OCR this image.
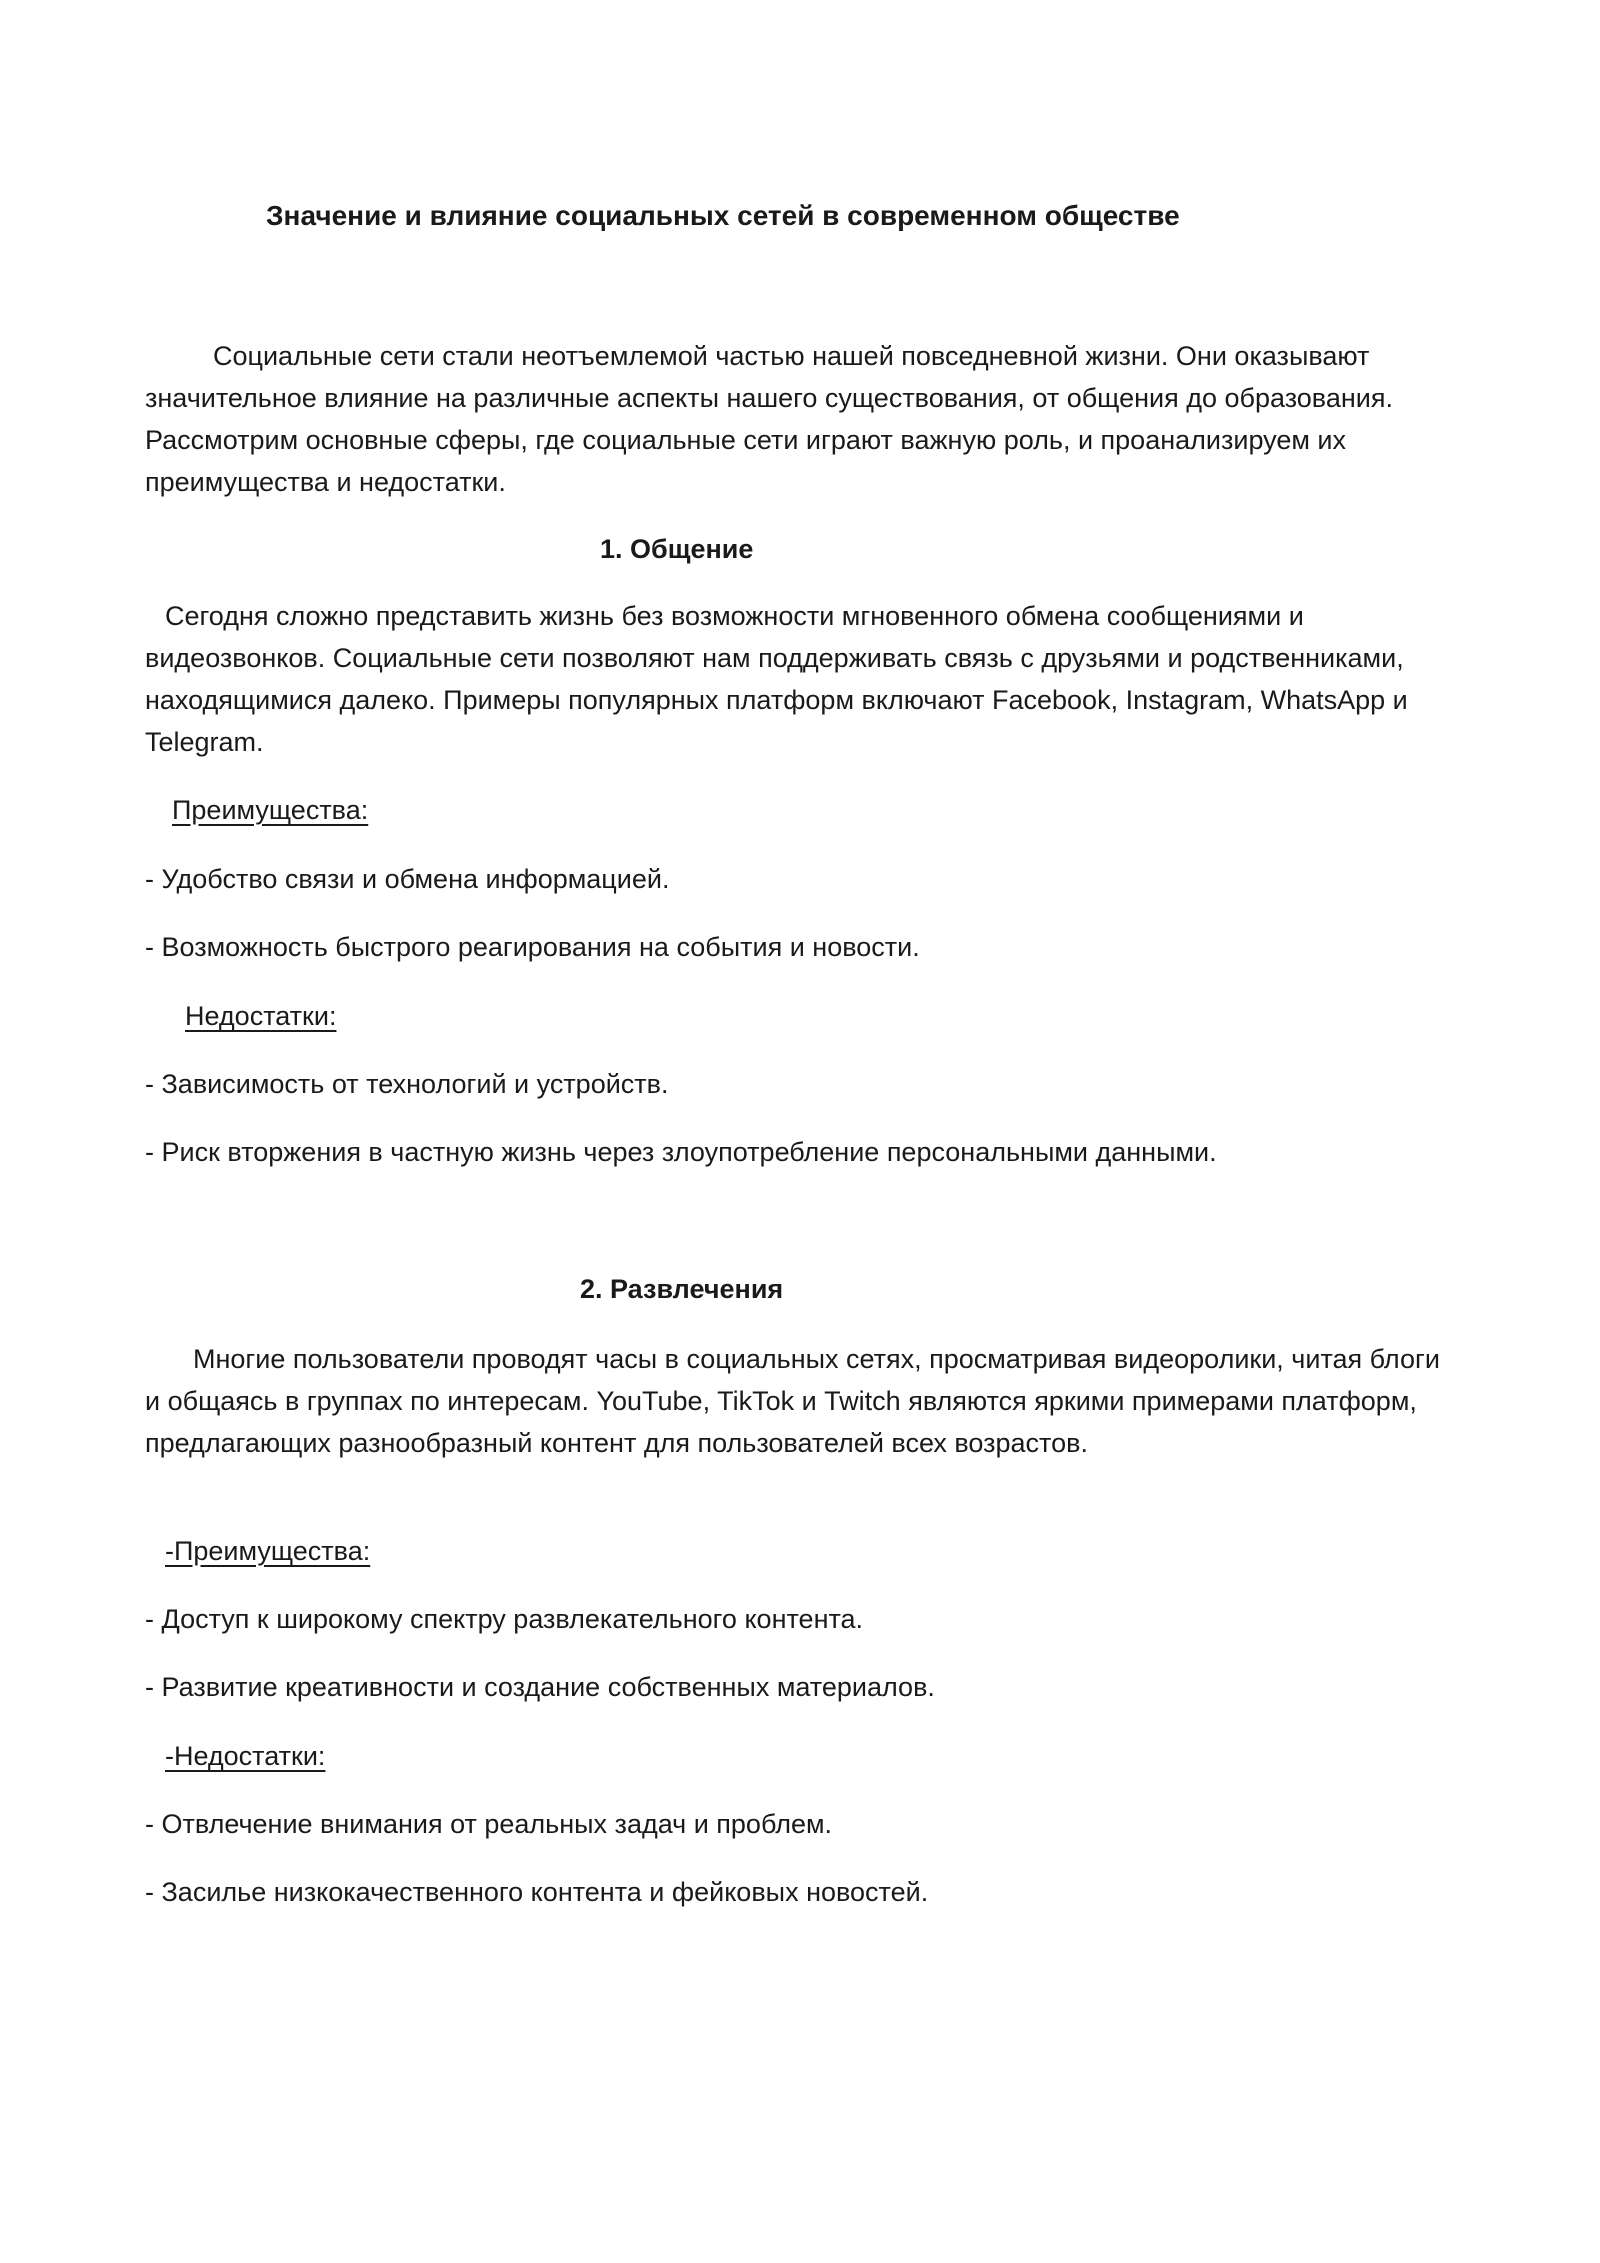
Значение и влияние социальных сетей в современном обществе
Социальные сети стали неотъемлемой частью нашей повседневной жизни. Они оказывают
значительное влияние на различные аспекты нашего существования, от общения до образования.
Рассмотрим основные сферы, где социальные сети играют важную роль, и проанализируем их
преимущества и недостатки.
1. Общение
Сегодня сложно представить жизнь без возможности мгновенного обмена сообщениями и
видеозвонков. Социальные сети позволяют нам поддерживать связь с друзьями и родственниками,
находящимися далеко. Примеры популярных платформ включают Facebook, Instagram, WhatsApp и
Telegram.
Преимущества:
- Удобство связи и обмена информацией.
- Возможность быстрого реагирования на события и новости.
Недостатки:
- Зависимость от технологий и устройств.
- Риск вторжения в частную жизнь через злоупотребление персональными данными.
2. Развлечения
Многие пользователи проводят часы в социальных сетях, просматривая видеоролики, читая блоги
и общаясь в группах по интересам. YouTube, TikTok и Twitch являются яркими примерами платформ,
предлагающих разнообразный контент для пользователей всех возрастов.
-Преимущества:
- Доступ к широкому спектру развлекательного контента.
- Развитие креативности и создание собственных материалов.
-Недостатки:
- Отвлечение внимания от реальных задач и проблем.
- Засилье низкокачественного контента и фейковых новостей.
